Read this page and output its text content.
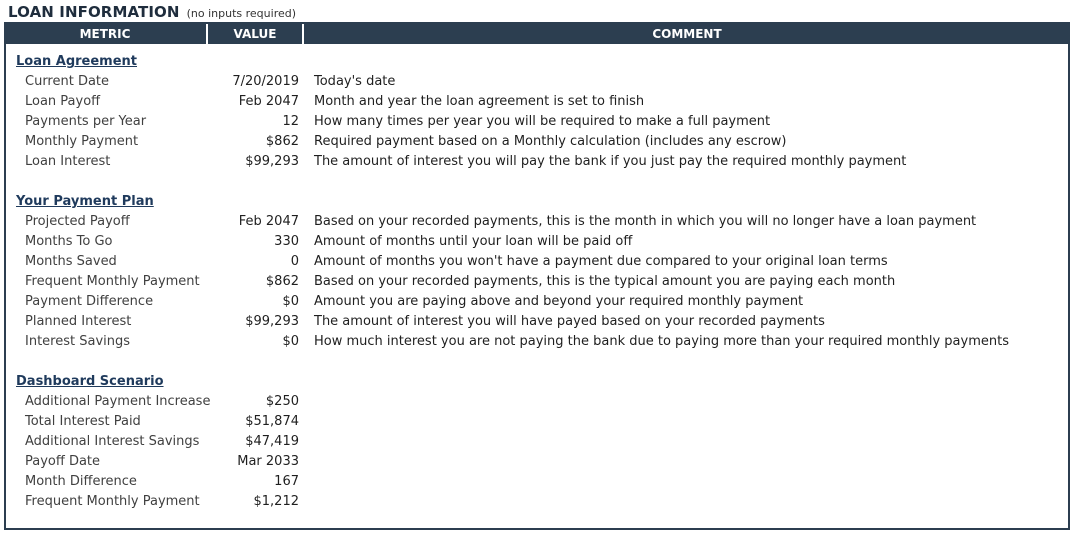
LOAN INFORMATION (no inputs required)
METRIC	VALUE	COMMENT
Loan Agreement
Current Date	7/20/2019 Today's date
Loan Payoff	Feb 2047 Month and year the loan agreement is set to finish
Payments per Year	12 How many times per year you will be required to make a full payment
Monthly Payment	$862 Required payment based on a Monthly calculation (includes any escrow)
Loan Interest	$99,293 The amount of interest you will pay the bank if you just pay the required monthly payment
Your Payment Plan
Projected Payoff	Feb 2047 Based on your recorded payments, this is the month in which you will no longer have a loan payment
Months To Go	330 Amount of months until your loan will be paid off
Months Saved	0 Amount of months you won't have a payment due compared to your original loan terms
Frequent Monthly Payment	$862 Based on your recorded payments, this is the typical amount you are paying each month
Payment Difference	$0 Amount you are paying above and beyond your required monthly payment
Planned Interest	$99,293 The amount of interest you will have payed based on your recorded payments
Interest Savings	$0 How much interest you are not paying the bank due to paying more than your required monthly payments
Dashboard Scenario
Additional Payment Increase	$250
Total Interest Paid	$51,874
Additional Interest Savings	$47,419
Payoff Date	Mar 2033
Month Difference	167
Frequent Monthly Payment	$1,212
